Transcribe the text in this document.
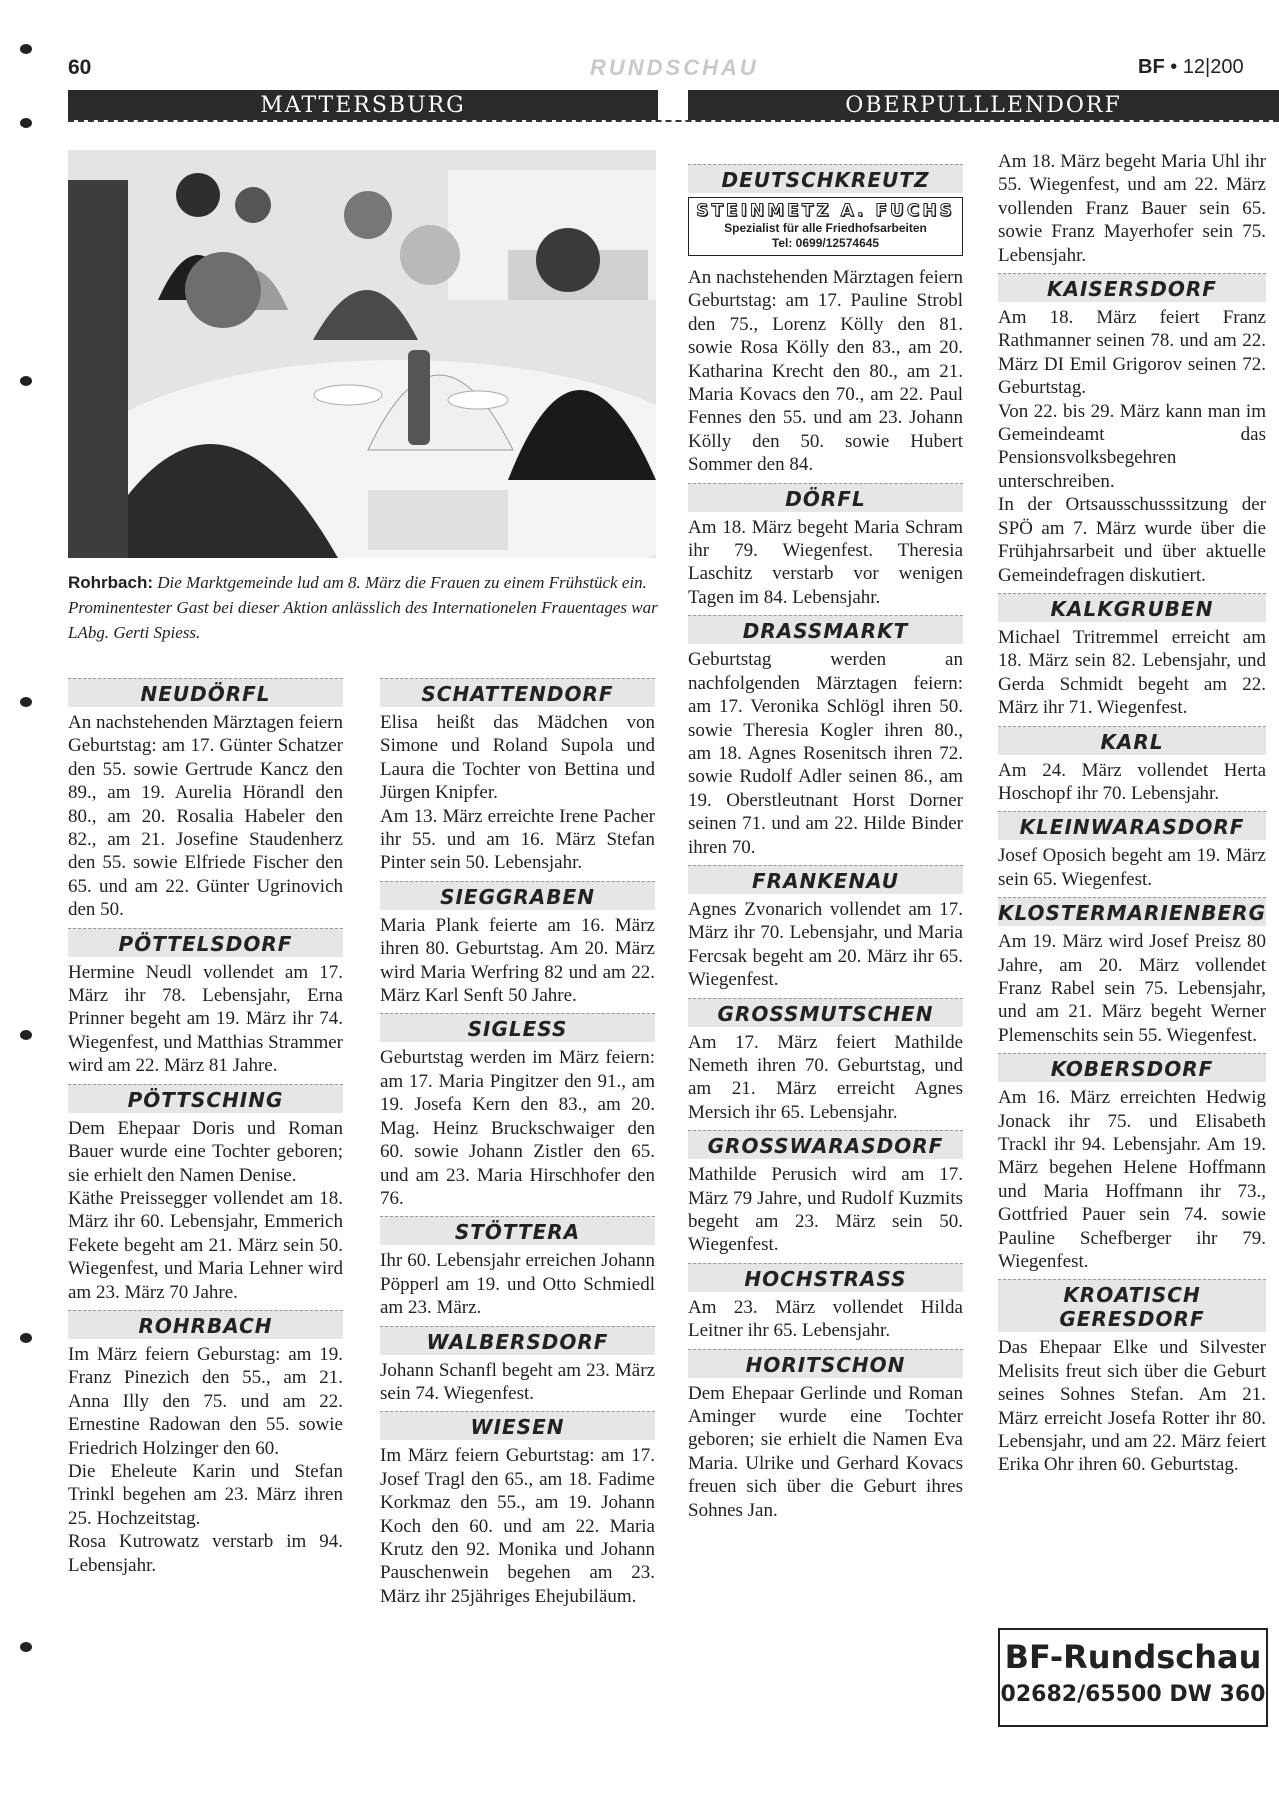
60	RUNDSCHAU	BF • 12|200
MATTERSBURG	OBERPULLLENDORF
Rohrbach: Die Marktgemeinde lud am 8. März die Frauen zu einem Frühstück ein. Prominentester Gast bei dieser Aktion anlässlich des Internationelen Frauentages war LAbg. Gerti Spiess.
NEUDÖRFL
An nachstehenden Märztagen feiern Geburtstag: am 17. Günter Schatzer den 55. sowie Gertrude Kancz den 89., am 19. Aurelia Hörandl den 80., am 20. Rosalia Habeler den 82., am 21. Josefine Staudenherz den 55. sowie Elfriede Fischer den 65. und am 22. Günter Ugrinovich den 50.
PÖTTELSDORF
Hermine Neudl vollendet am 17. März ihr 78. Lebensjahr, Erna Prinner begeht am 19. März ihr 74. Wiegenfest, und Matthias Strammer wird am 22. März 81 Jahre.
PÖTTSCHING
Dem Ehepaar Doris und Roman Bauer wurde eine Tochter geboren; sie erhielt den Namen Denise.
Käthe Preissegger vollendet am 18. März ihr 60. Lebensjahr, Emmerich Fekete begeht am 21. März sein 50. Wiegenfest, und Maria Lehner wird am 23. März 70 Jahre.
ROHRBACH
Im März feiern Geburstag: am 19. Franz Pinezich den 55., am 21. Anna Illy den 75. und am 22. Ernestine Radowan den 55. sowie Friedrich Holzinger den 60.
Die Eheleute Karin und Stefan Trinkl begehen am 23. März ihren 25. Hochzeitstag.
Rosa Kutrowatz verstarb im 94. Lebensjahr.
SCHATTENDORF
Elisa heißt das Mädchen von Simone und Roland Supola und Laura die Tochter von Bettina und Jürgen Knipfer.
Am 13. März erreichte Irene Pacher ihr 55. und am 16. März Stefan Pinter sein 50. Lebensjahr.
SIEGGRABEN
Maria Plank feierte am 16. März ihren 80. Geburtstag. Am 20. März wird Maria Werfring 82 und am 22. März Karl Senft 50 Jahre.
SIGLESS
Geburtstag werden im März feiern: am 17. Maria Pingitzer den 91., am 19. Josefa Kern den 83., am 20. Mag. Heinz Bruckschwaiger den 60. sowie Johann Zistler den 65. und am 23. Maria Hirschhofer den 76.
STÖTTERA
Ihr 60. Lebensjahr erreichen Johann Pöpperl am 19. und Otto Schmiedl am 23. März.
WALBERSDORF
Johann Schanfl begeht am 23. März sein 74. Wiegenfest.
WIESEN
Im März feiern Geburtstag: am 17. Josef Tragl den 65., am 18. Fadime Korkmaz den 55., am 19. Johann Koch den 60. und am 22. Maria Krutz den 92. Monika und Johann Pauschenwein begehen am 23. März ihr 25jähriges Ehejubiläum.
DEUTSCHKREUTZ
STEINMETZ A. FUCHS
Spezialist für alle Friedhofsarbeiten
Tel: 0699/12574645
An nachstehenden Märztagen feiern Geburtstag: am 17. Pauline Strobl den 75., Lorenz Kölly den 81. sowie Rosa Kölly den 83., am 20. Katharina Krecht den 80., am 21. Maria Kovacs den 70., am 22. Paul Fennes den 55. und am 23. Johann Kölly den 50. sowie Hubert Sommer den 84.
DÖRFL
Am 18. März begeht Maria Schram ihr 79. Wiegenfest. Theresia Laschitz verstarb vor wenigen Tagen im 84. Lebensjahr.
DRASSMARKT
Geburtstag werden an nachfolgenden Märztagen feiern: am 17. Veronika Schlögl ihren 50. sowie Theresia Kogler ihren 80., am 18. Agnes Rosenitsch ihren 72. sowie Rudolf Adler seinen 86., am 19. Oberstleutnant Horst Dorner seinen 71. und am 22. Hilde Binder ihren 70.
FRANKENAU
Agnes Zvonarich vollendet am 17. März ihr 70. Lebensjahr, und Maria Fercsak begeht am 20. März ihr 65. Wiegenfest.
GROSSMUTSCHEN
Am 17. März feiert Mathilde Nemeth ihren 70. Geburtstag, und am 21. März erreicht Agnes Mersich ihr 65. Lebensjahr.
GROSSWARASDORF
Mathilde Perusich wird am 17. März 79 Jahre, und Rudolf Kuzmits begeht am 23. März sein 50. Wiegenfest.
HOCHSTRASS
Am 23. März vollendet Hilda Leitner ihr 65. Lebensjahr.
HORITSCHON
Dem Ehepaar Gerlinde und Roman Aminger wurde eine Tochter geboren; sie erhielt die Namen Eva Maria. Ulrike und Gerhard Kovacs freuen sich über die Geburt ihres Sohnes Jan.
Am 18. März begeht Maria Uhl ihr 55. Wiegenfest, und am 22. März vollenden Franz Bauer sein 65. sowie Franz Mayerhofer sein 75. Lebensjahr.
KAISERSDORF
Am 18. März feiert Franz Rathmanner seinen 78. und am 22. März DI Emil Grigorov seinen 72. Geburtstag.
Von 22. bis 29. März kann man im Gemeindeamt das Pensionsvolksbegehren unterschreiben.
In der Ortsausschusssitzung der SPÖ am 7. März wurde über die Frühjahrsarbeit und über aktuelle Gemeindefragen diskutiert.
KALKGRUBEN
Michael Tritremmel erreicht am 18. März sein 82. Lebensjahr, und Gerda Schmidt begeht am 22. März ihr 71. Wiegenfest.
KARL
Am 24. März vollendet Herta Hoschopf ihr 70. Lebensjahr.
KLEINWARASDORF
Josef Oposich begeht am 19. März sein 65. Wiegenfest.
KLOSTERMARIENBERG
Am 19. März wird Josef Preisz 80 Jahre, am 20. März vollendet Franz Rabel sein 75. Lebensjahr, und am 21. März begeht Werner Plemenschits sein 55. Wiegenfest.
KOBERSDORF
Am 16. März erreichten Hedwig Jonack ihr 75. und Elisabeth Trackl ihr 94. Lebensjahr. Am 19. März begehen Helene Hoffmann und Maria Hoffmann ihr 73., Gottfried Pauer sein 74. sowie Pauline Schefberger ihr 79. Wiegenfest.
KROATISCH GERESDORF
Das Ehepaar Elke und Silvester Melisits freut sich über die Geburt seines Sohnes Stefan. Am 21. März erreicht Josefa Rotter ihr 80. Lebensjahr, und am 22. März feiert Erika Ohr ihren 60. Geburtstag.
BF-Rundschau
02682/65500 DW 360
